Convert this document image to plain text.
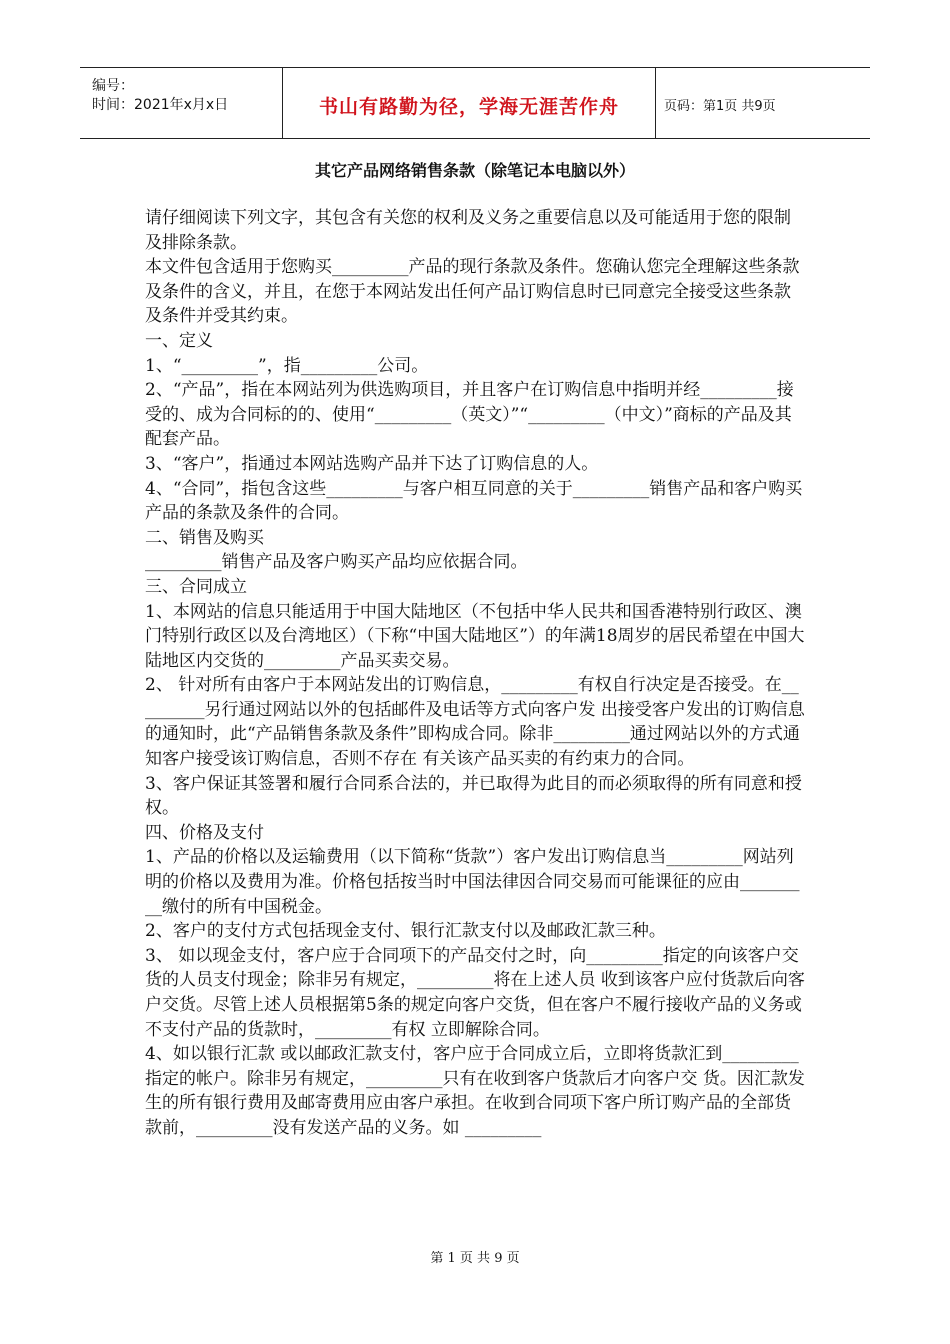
编号：
时间：2021年x月x日	书山有路勤为径，学海无涯苦作舟	页码：第1页 共9页
其它产品网络销售条款（除笔记本电脑以外）

请仔细阅读下列文字，其包含有关您的权利及义务之重要信息以及可能适用于您的限制及排除条款。

本文件包含适用于您购买_________产品的现行条款及条件。您确认您完全理解这些条款及条件的含义，并且，在您于本网站发出任何产品订购信息时已同意完全接受这些条款及条件并受其约束。

一、定义

1、“_________”，指_________公司。

2、“产品”，指在本网站列为供选购项目，并且客户在订购信息中指明并经_________接受的、成为合同标的的、使用“_________（英文）”“_________（中文）”商标的产品及其配套产品。

3、“客户”，指通过本网站选购产品并下达了订购信息的人。

4、“合同”，指包含这些_________与客户相互同意的关于_________销售产品和客户购买产品的条款及条件的合同。

二、销售及购买

_________销售产品及客户购买产品均应依据合同。

三、合同成立

1、本网站的信息只能适用于中国大陆地区（不包括中华人民共和国香港特别行政区、澳门特别行政区以及台湾地区）（下称“中国大陆地区”）的年满18周岁的居民希望在中国大陆地区内交货的_________产品买卖交易。

2、 针对所有由客户于本网站发出的订购信息，_________有权自行决定是否接受。在_________另行通过网站以外的包括邮件及电话等方式向客户发 出接受客户发出的订购信息的通知时，此“产品销售条款及条件”即构成合同。除非_________通过网站以外的方式通知客户接受该订购信息，否则不存在 有关该产品买卖的有约束力的合同。

3、客户保证其签署和履行合同系合法的，并已取得为此目的而必须取得的所有同意和授权。

四、价格及支付

1、产品的价格以及运输费用（以下简称“货款”）客户发出订购信息当_________网站列明的价格以及费用为准。价格包括按当时中国法律因合同交易而可能课征的应由_________缴付的所有中国税金。

2、客户的支付方式包括现金支付、银行汇款支付以及邮政汇款三种。

3、 如以现金支付，客户应于合同项下的产品交付之时，向_________指定的向该客户交货的人员支付现金；除非另有规定，_________将在上述人员 收到该客户应付货款后向客户交货。尽管上述人员根据第5条的规定向客户交货，但在客户不履行接收产品的义务或不支付产品的货款时，_________有权 立即解除合同。

4、如以银行汇款 或以邮政汇款支付，客户应于合同成立后，立即将货款汇到_________指定的帐户。除非另有规定，_________只有在收到客户货款后才向客户交 货。因汇款发生的所有银行费用及邮寄费用应由客户承担。在收到合同项下客户所订购产品的全部货款前，_________没有发送产品的义务。如 _________

第 1 页 共 9 页
